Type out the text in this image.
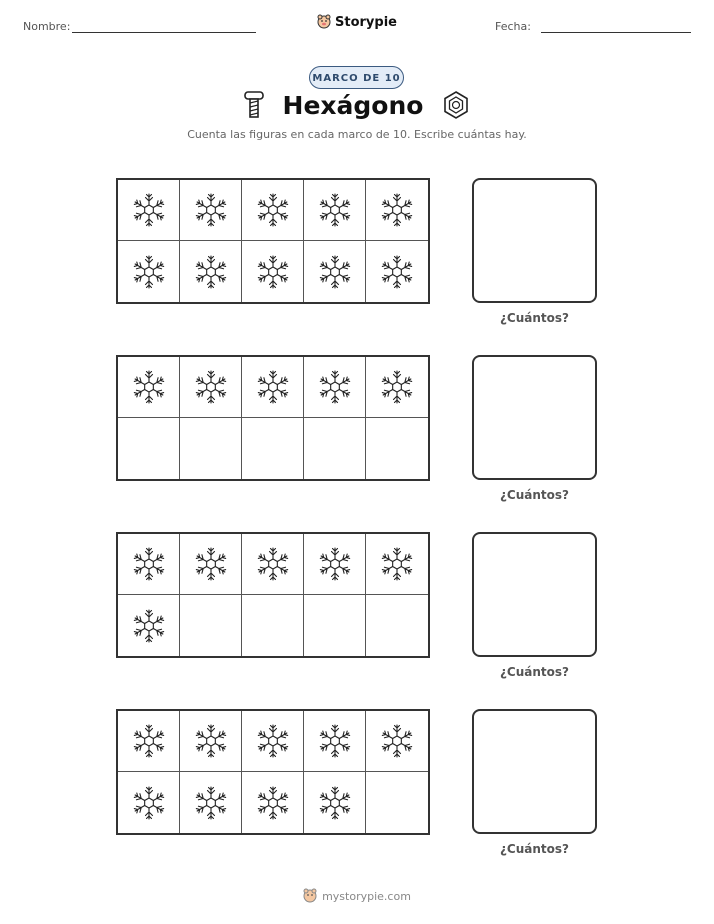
Nombre:	Storypie	Fecha:
MARCO DE 10
Hexágono
Cuenta las figuras en cada marco de 10. Escribe cuántas hay.
¿Cuántos?
¿Cuántos?
¿Cuántos?
¿Cuántos?
mystorypie.com
